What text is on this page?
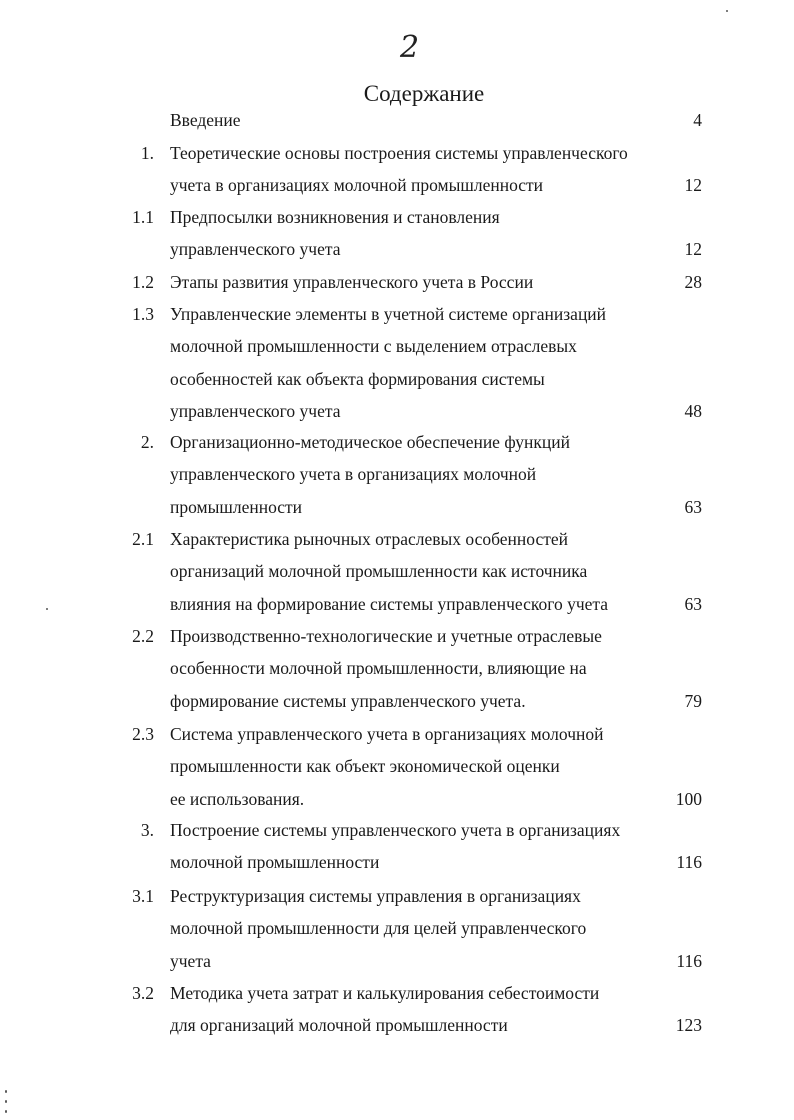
2
Содержание
Введение	4
1. Теоретические основы построения системы управленческого
учета в организациях молочной промышленности	12
1.1 Предпосылки возникновения и становления
управленческого учета	12
1.2 Этапы развития управленческого учета в России	28
1.3 Управленческие элементы в учетной системе организаций
молочной промышленности с выделением отраслевых
особенностей как объекта формирования системы
управленческого учета	48
2. Организационно-методическое обеспечение функций
управленческого учета в организациях молочной
промышленности	63
2.1 Характеристика рыночных отраслевых особенностей
организаций молочной промышленности как источника
влияния на формирование системы управленческого учета	63
2.2 Производственно-технологические и учетные отраслевые
особенности молочной промышленности, влияющие на
формирование системы управленческого учета.	79
2.3 Система управленческого учета в организациях молочной
промышленности как объект экономической оценки
ее использования.	100
3. Построение системы управленческого учета в организациях
молочной промышленности	116
3.1 Реструктуризация системы управления в организациях
молочной промышленности для целей управленческого
учета	116
3.2 Методика учета затрат и калькулирования себестоимости
для организаций молочной промышленности	123
